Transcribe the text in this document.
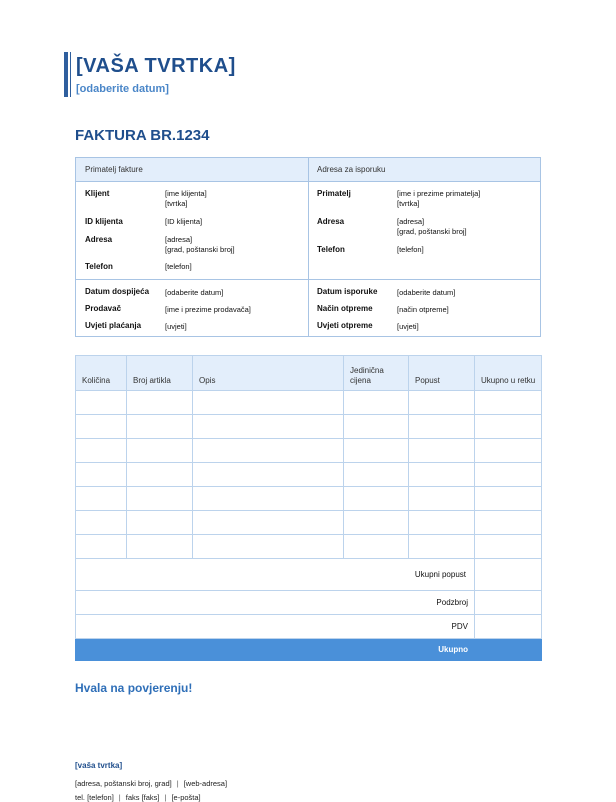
[VAŠA TVRTKA]
[odaberite datum]
FAKTURA BR.1234
Primatelj fakture	Adresa za isporuku
Klijent	[ime klijenta]
[tvrtka]
ID klijenta	[ID klijenta]
Adresa	[adresa]
[grad, poštanski broj]
Telefon	[telefon]
Primatelj	[ime i prezime primatelja]
[tvrtka]
Adresa	[adresa]
[grad, poštanski broj]
Telefon	[telefon]
Datum dospijeća [odaberite datum]
Prodavač	[ime i prezime prodavača]
Uvjeti plaćanja	[uvjeti]
Datum isporuke	[odaberite datum]
Način otpreme	[način otpreme]
Uvjeti otpreme	[uvjeti]
Količina	Broj artikla	Opis	Jedinična cijena	Popust	Ukupno u retku

Ukupni popust					
Podzbroj					
PDV					
		Ukupno			
Hvala na povjerenju!
[vaša tvrtka]
[adresa, poštanski broj, grad] | [web-adresa]
tel. [telefon] | faks [faks] | [e-pošta]
